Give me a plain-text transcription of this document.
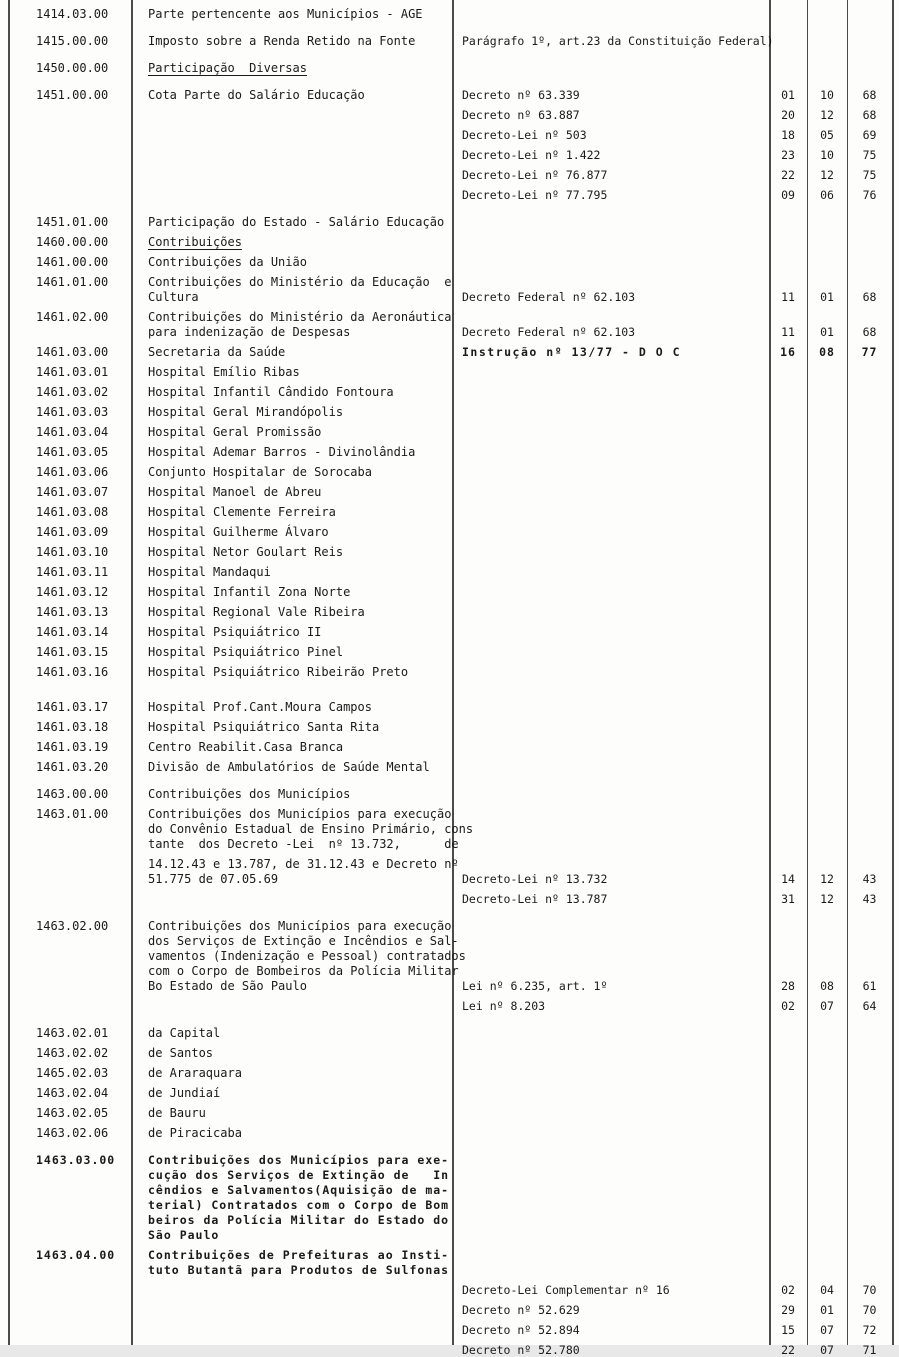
1414.03.00	Parte pertencente aos Municípios - AGE
1415.00.00	Imposto sobre a Renda Retido na Fonte	Parágrafo 1º, art.23 da Constituição Federal)
1450.00.00	Participação  Diversas
1451.00.00	Cota Parte do Salário Educação	Decreto nº 63.339	01	10	68
Decreto nº 63.887	20	12	68
Decreto-Lei nº 503	18	05	69
Decreto-Lei nº 1.422	23	10	75
Decreto-Lei nº 76.877	22	12	75
Decreto-Lei nº 77.795	09	06	76
1451.01.00	Participação do Estado - Salário Educação
1460.00.00	Contribuições
1461.00.00	Contribuições da União
1461.01.00	Contribuições do Ministério da Educação  e
Cultura	Decreto Federal nº 62.103	11	01	68
1461.02.00	Contribuições do Ministério da Aeronáutica
para indenização de Despesas	Decreto Federal nº 62.103	11	01	68
1461.03.00	Secretaria da Saúde	Instrução nº 13/77 - D O C	16	08	77
1461.03.01	Hospital Emílio Ribas
1461.03.02	Hospital Infantil Cândido Fontoura
1461.03.03	Hospital Geral Mirandópolis
1461.03.04	Hospital Geral Promissão
1461.03.05	Hospital Ademar Barros - Divinolândia
1461.03.06	Conjunto Hospitalar de Sorocaba
1461.03.07	Hospital Manoel de Abreu
1461.03.08	Hospital Clemente Ferreira
1461.03.09	Hospital Guilherme Álvaro
1461.03.10	Hospital Netor Goulart Reis
1461.03.11	Hospital Mandaqui
1461.03.12	Hospital Infantil Zona Norte
1461.03.13	Hospital Regional Vale Ribeira
1461.03.14	Hospital Psiquiátrico II
1461.03.15	Hospital Psiquiátrico Pinel
1461.03.16	Hospital Psiquiátrico Ribeirão Preto
1461.03.17	Hospital Prof.Cant.Moura Campos
1461.03.18	Hospital Psiquiátrico Santa Rita
1461.03.19	Centro Reabilit.Casa Branca
1461.03.20	Divisão de Ambulatórios de Saúde Mental
1463.00.00	Contribuições dos Municípios
1463.01.00	Contribuições dos Municípios para execução
do Convênio Estadual de Ensino Primário, cons
tante  dos Decreto -Lei  nº 13.732,      de
14.12.43 e 13.787, de 31.12.43 e Decreto nº
51.775 de 07.05.69	Decreto-Lei nº 13.732	14	12	43
Decreto-Lei nº 13.787	31	12	43
1463.02.00	Contribuições dos Municípios para execução
dos Serviços de Extinção e Incêndios e Sal-
vamentos (Indenização e Pessoal) contratados
com o Corpo de Bombeiros da Polícia Militar
Bo Estado de São Paulo	Lei nº 6.235, art. 1º	28	08	61
Lei nº 8.203	02	07	64
1463.02.01	da Capital
1463.02.02	de Santos
1465.02.03	de Araraquara
1463.02.04	de Jundiaí
1463.02.05	de Bauru
1463.02.06	de Piracicaba
1463.03.00	Contribuições dos Municípios para exe-
cução dos Serviços de Extinção de   In
cêndios e Salvamentos(Aquisição de ma-
terial) Contratados com o Corpo de Bom
beiros da Polícia Militar do Estado do
São Paulo
1463.04.00	Contribuições de Prefeituras ao Insti-
tuto Butantã para Produtos de Sulfonas
Decreto-Lei Complementar nº 16	02	04	70
Decreto nº 52.629	29	01	70
Decreto nº 52.894	15	07	72
Decreto nº 52.780	22	07	71
